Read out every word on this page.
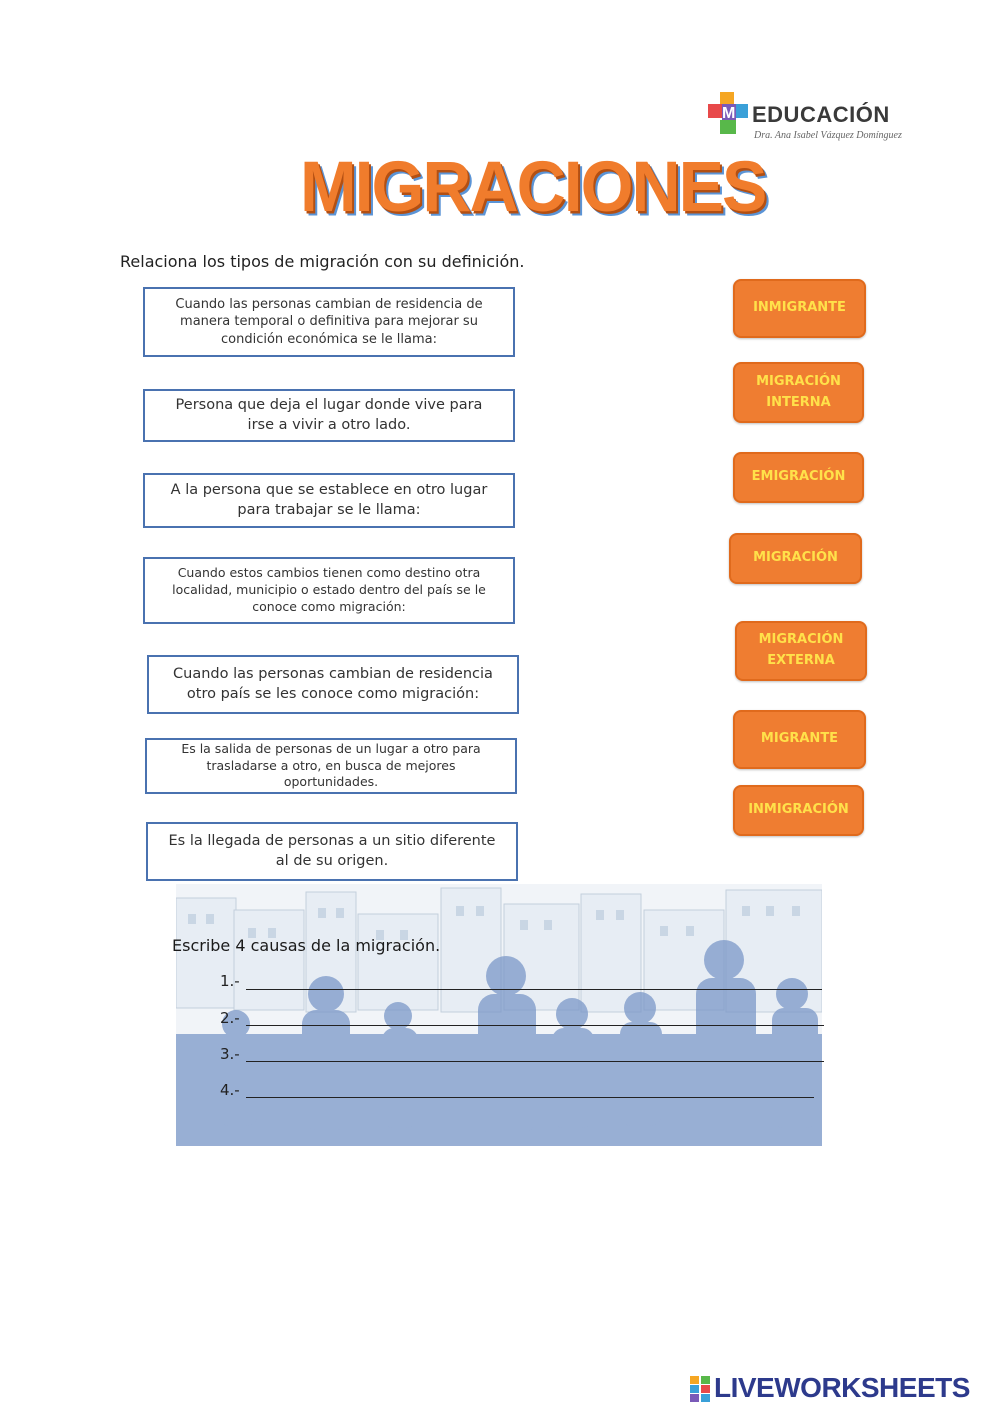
M EDUCACIÓN
Dra. Ana Isabel Vázquez Domínguez
MIGRACIONES
Relaciona los tipos de migración con su definición.
Cuando las personas cambian de residencia de manera temporal o definitiva para mejorar su condición económica se le llama:
Persona que deja el lugar donde vive para irse a vivir a otro lado.
A la persona que se establece en otro lugar para trabajar se le llama:
Cuando estos cambios tienen como destino otra localidad, municipio o estado dentro del país se le conoce como migración:
Cuando las personas cambian de residencia otro país se les conoce como migración:
Es la salida de personas de un lugar a otro para trasladarse a otro, en busca de mejores oportunidades.
Es la llegada de personas a un sitio diferente al de su origen.
INMIGRANTE
MIGRACIÓN INTERNA
EMIGRACIÓN
MIGRACIÓN
MIGRACIÓN EXTERNA
MIGRANTE
INMIGRACIÓN
Escribe 4 causas de la migración.
1.-
2.-
3.-
4.-
LIVEWORKSHEETS
